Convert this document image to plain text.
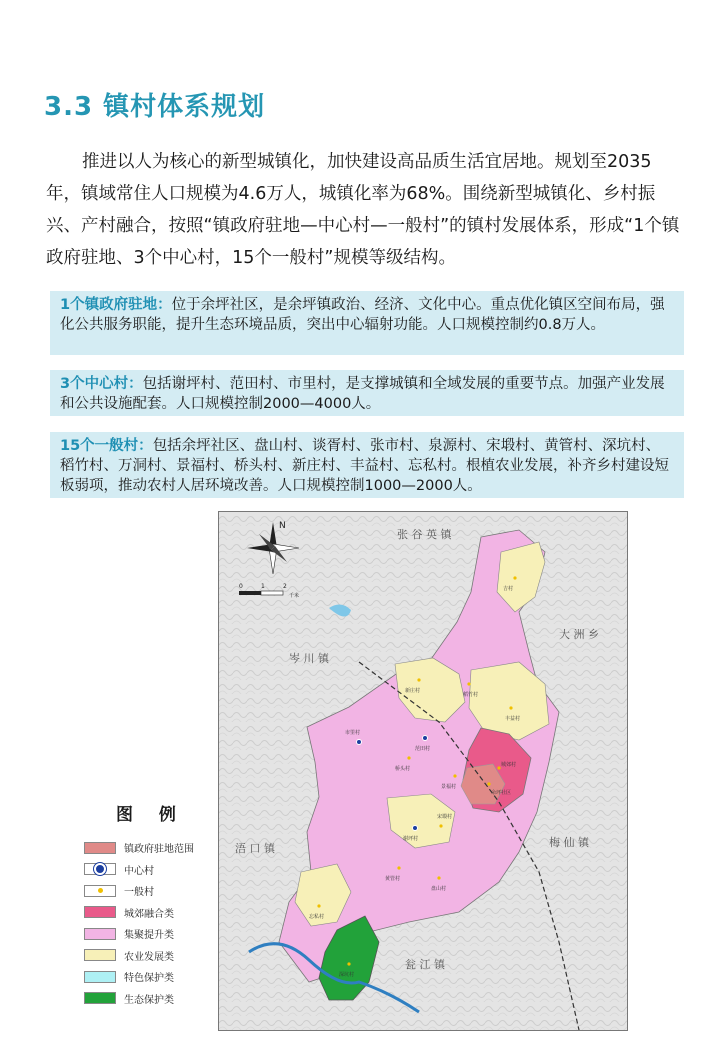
3.3 镇村体系规划

推进以人为核心的新型城镇化，加快建设高品质生活宜居地。规划至2035年，镇域常住人口规模为4.6万人，城镇化率为68%。围绕新型城镇化、乡村振兴、产村融合，按照“镇政府驻地—中心村—一般村”的镇村发展体系，形成“1个镇政府驻地、3个中心村，15个一般村”规模等级结构。

1个镇政府驻地：位于余坪社区，是余坪镇政治、经济、文化中心。重点优化镇区空间布局，强化公共服务职能，提升生态环境品质，突出中心辐射功能。人口规模控制约0.8万人。
3个中心村：包括谢坪村、范田村、市里村，是支撑城镇和全域发展的重要节点。加强产业发展和公共设施配套。人口规模控制2000—4000人。
15个一般村：包括余坪社区、盘山村、谈胥村、张市村、泉源村、宋塅村、黄管村、深坑村、稻竹村、万洞村、景福村、桥头村、新庄村、丰益村、忘私村。根植农业发展，补齐乡村建设短板弱项，推动农村人居环境改善。人口规模控制1000—2000人。
张 谷 英 镇
岑 川 镇
大 洲 乡
梅 仙 镇
浯 口 镇
瓮 江 镇
N
0	1	2
千米
吉村
新庄村
稻竹村
丰益村
市里村
桥头村
范田村
景福村
谢坪村
宋塅村
城郊村
余坪社区
黄管村
盘山村
忘私村
深坑村
图 例
镇政府驻地范围
中心村
一般村
城郊融合类
集聚提升类
农业发展类
特色保护类
生态保护类
